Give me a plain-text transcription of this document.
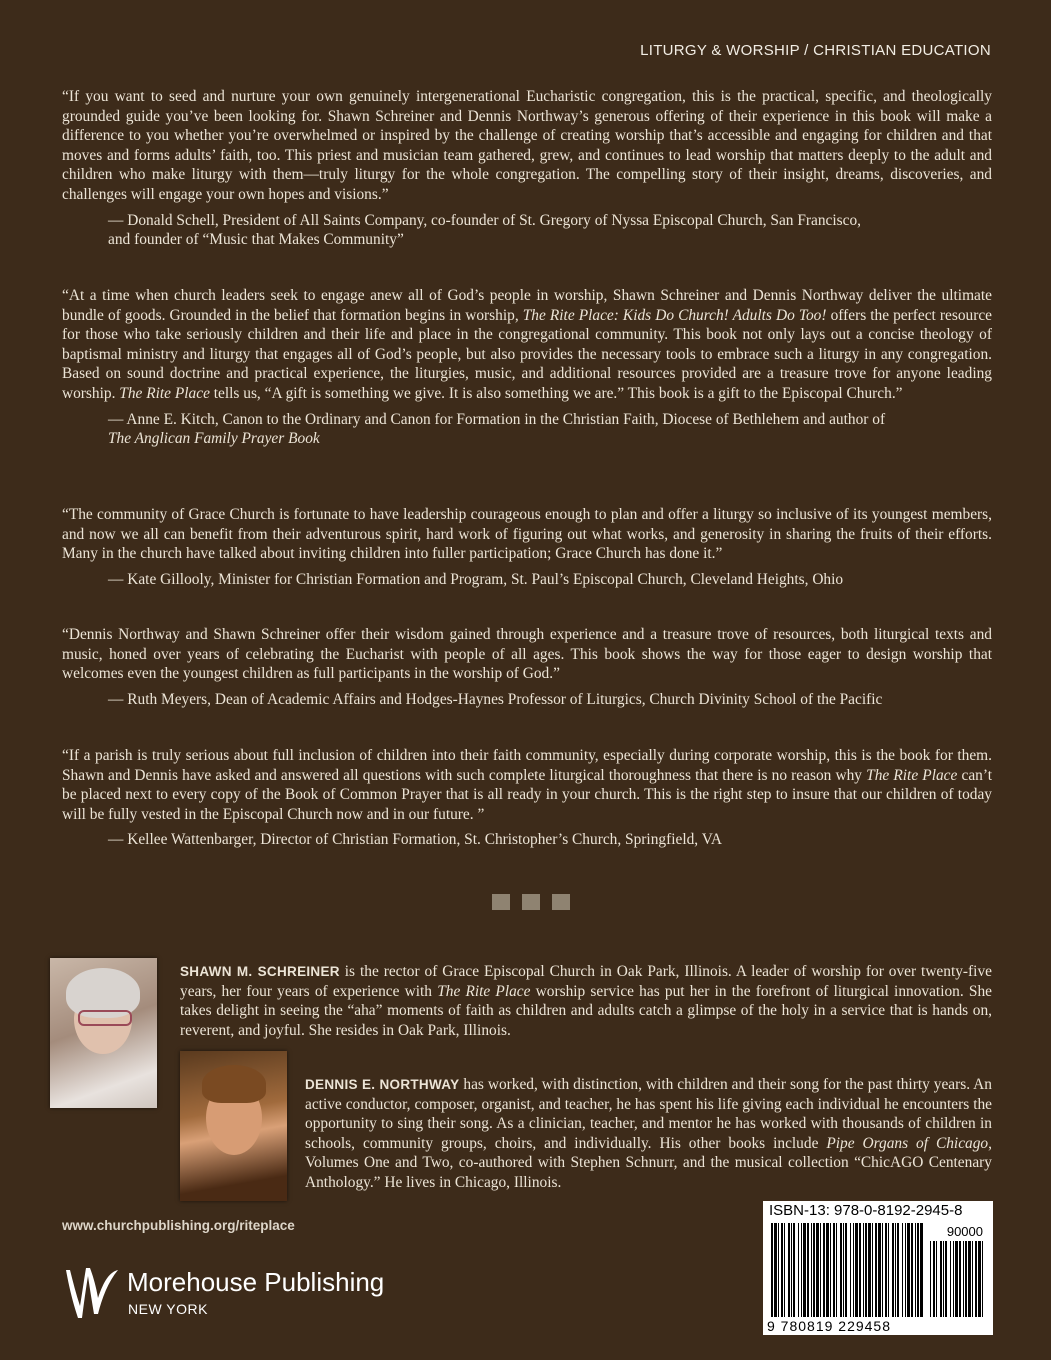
LITURGY & WORSHIP / CHRISTIAN EDUCATION

“If you want to seed and nurture your own genuinely intergenerational Eucharistic congregation, this is the practical, specific, and theologically grounded guide you’ve been looking for. Shawn Schreiner and Dennis Northway’s generous offering of their experience in this book will make a difference to you whether you’re overwhelmed or inspired by the challenge of creating worship that’s accessible and engaging for children and that moves and forms adults’ faith, too. This priest and musician team gathered, grew, and continues to lead worship that matters deeply to the adult and children who make liturgy with them—truly liturgy for the whole congregation. The compelling story of their insight, dreams, discoveries, and challenges will engage your own hopes and visions.”

— Donald Schell, President of All Saints Company, co-founder of St. Gregory of Nyssa Episcopal Church, San Francisco,
and founder of “Music that Makes Community”

“At a time when church leaders seek to engage anew all of God’s people in worship, Shawn Schreiner and Dennis Northway deliver the ultimate bundle of goods. Grounded in the belief that formation begins in worship, The Rite Place: Kids Do Church! Adults Do Too! offers the perfect resource for those who take seriously children and their life and place in the congregational community. This book not only lays out a concise theology of baptismal ministry and liturgy that engages all of God’s people, but also provides the necessary tools to embrace such a liturgy in any congregation. Based on sound doctrine and practical experience, the liturgies, music, and additional resources provided are a treasure trove for anyone leading worship. The Rite Place tells us, “A gift is something we give. It is also something we are.” This book is a gift to the Episcopal Church.”

— Anne E. Kitch, Canon to the Ordinary and Canon for Formation in the Christian Faith, Diocese of Bethlehem and author of
The Anglican Family Prayer Book

“The community of Grace Church is fortunate to have leadership courageous enough to plan and offer a liturgy so inclusive of its youngest members, and now we all can benefit from their adventurous spirit, hard work of figuring out what works, and generosity in sharing the fruits of their efforts. Many in the church have talked about inviting children into fuller participation; Grace Church has done it.”

— Kate Gillooly, Minister for Christian Formation and Program, St. Paul’s Episcopal Church, Cleveland Heights, Ohio

“Dennis Northway and Shawn Schreiner offer their wisdom gained through experience and a treasure trove of resources, both liturgical texts and music, honed over years of celebrating the Eucharist with people of all ages. This book shows the way for those eager to design worship that welcomes even the youngest children as full participants in the worship of God.”

— Ruth Meyers, Dean of Academic Affairs and Hodges-Haynes Professor of Liturgics, Church Divinity School of the Pacific

“If a parish is truly serious about full inclusion of children into their faith community, especially during corporate worship, this is the book for them. Shawn and Dennis have asked and answered all questions with such complete liturgical thoroughness that there is no reason why The Rite Place can’t be placed next to every copy of the Book of Common Prayer that is all ready in your church. This is the right step to insure that our children of today will be fully vested in the Episcopal Church now and in our future. ”

— Kellee Wattenbarger, Director of Christian Formation, St. Christopher’s Church, Springfield, VA

SHAWN M. SCHREINER is the rector of Grace Episcopal Church in Oak Park, Illinois. A leader of worship for over twenty-five years, her four years of experience with The Rite Place worship service has put her in the forefront of liturgical innovation. She takes delight in seeing the “aha” moments of faith as children and adults catch a glimpse of the holy in a service that is hands on, reverent, and joyful. She resides in Oak Park, Illinois.

DENNIS E. NORTHWAY has worked, with distinction, with children and their song for the past thirty years. An active conductor, composer, organist, and teacher, he has spent his life giving each individual he encounters the opportunity to sing their song. As a clinician, teacher, and mentor he has worked with thousands of children in schools, community groups, choirs, and individually. His other books include Pipe Organs of Chicago, Volumes One and Two, co-authored with Stephen Schnurr, and the musical collection “ChicAGO Centenary Anthology.” He lives in Chicago, Illinois.

www.churchpublishing.org/riteplace
Morehouse Publishing
NEW YORK
ISBN-13: 978-0-8192-2945-8
90000
9 780819 229458
